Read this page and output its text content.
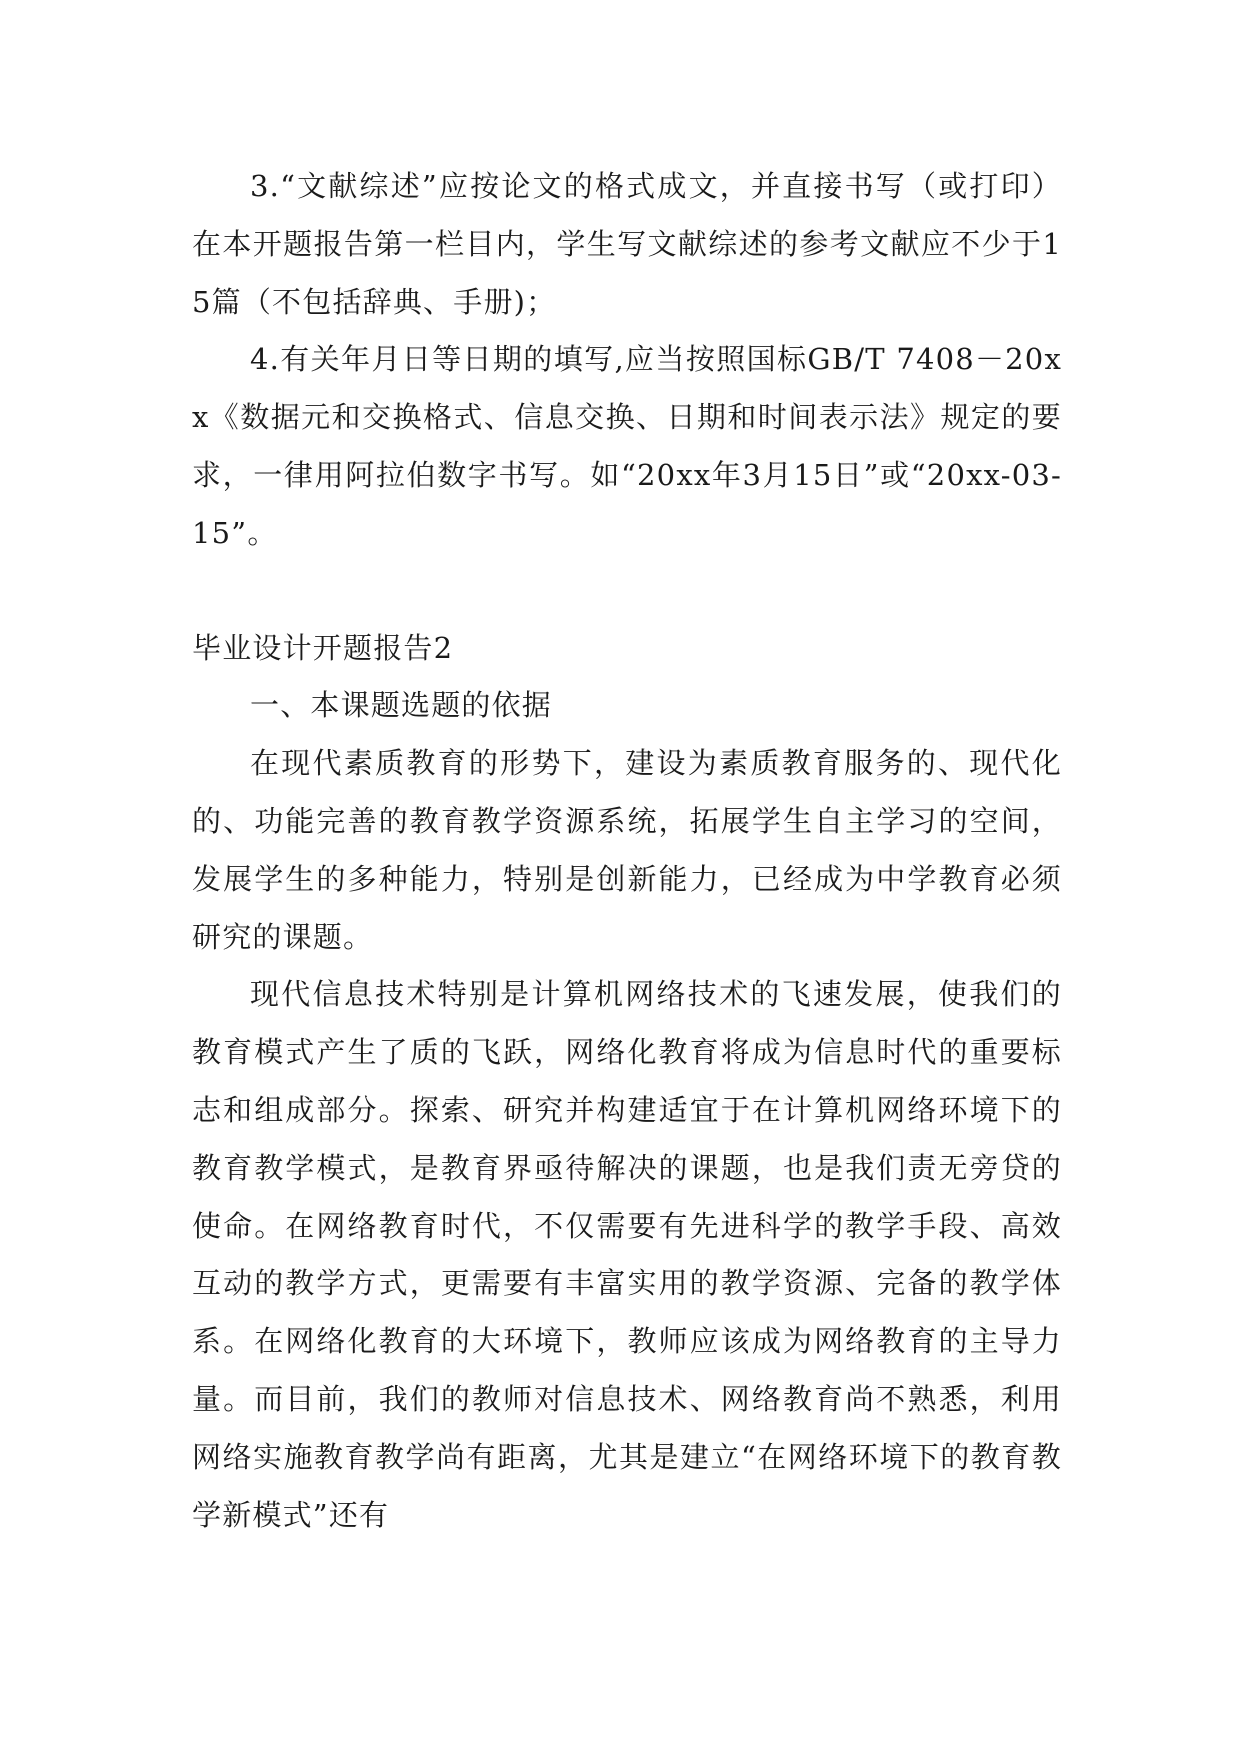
3.“文献综述”应按论文的格式成文，并直接书写（或打印）在本开题报告第一栏目内，学生写文献综述的参考文献应不少于15篇（不包括辞典、手册)；

4.有关年月日等日期的填写,应当按照国标GB/T 7408－20xx《数据元和交换格式、信息交换、日期和时间表示法》规定的要求，一律用阿拉伯数字书写。如“20xx年3月15日”或“20xx-03-15”。

毕业设计开题报告2

一、本课题选题的依据

在现代素质教育的形势下，建设为素质教育服务的、现代化的、功能完善的教育教学资源系统，拓展学生自主学习的空间，发展学生的多种能力，特别是创新能力，已经成为中学教育必须研究的课题。

现代信息技术特别是计算机网络技术的飞速发展，使我们的教育模式产生了质的飞跃，网络化教育将成为信息时代的重要标志和组成部分。探索、研究并构建适宜于在计算机网络环境下的教育教学模式，是教育界亟待解决的课题，也是我们责无旁贷的使命。在网络教育时代，不仅需要有先进科学的教学手段、高效互动的教学方式，更需要有丰富实用的教学资源、完备的教学体系。在网络化教育的大环境下，教师应该成为网络教育的主导力量。而目前，我们的教师对信息技术、网络教育尚不熟悉，利用网络实施教育教学尚有距离，尤其是建立“在网络环境下的教育教学新模式”还有
